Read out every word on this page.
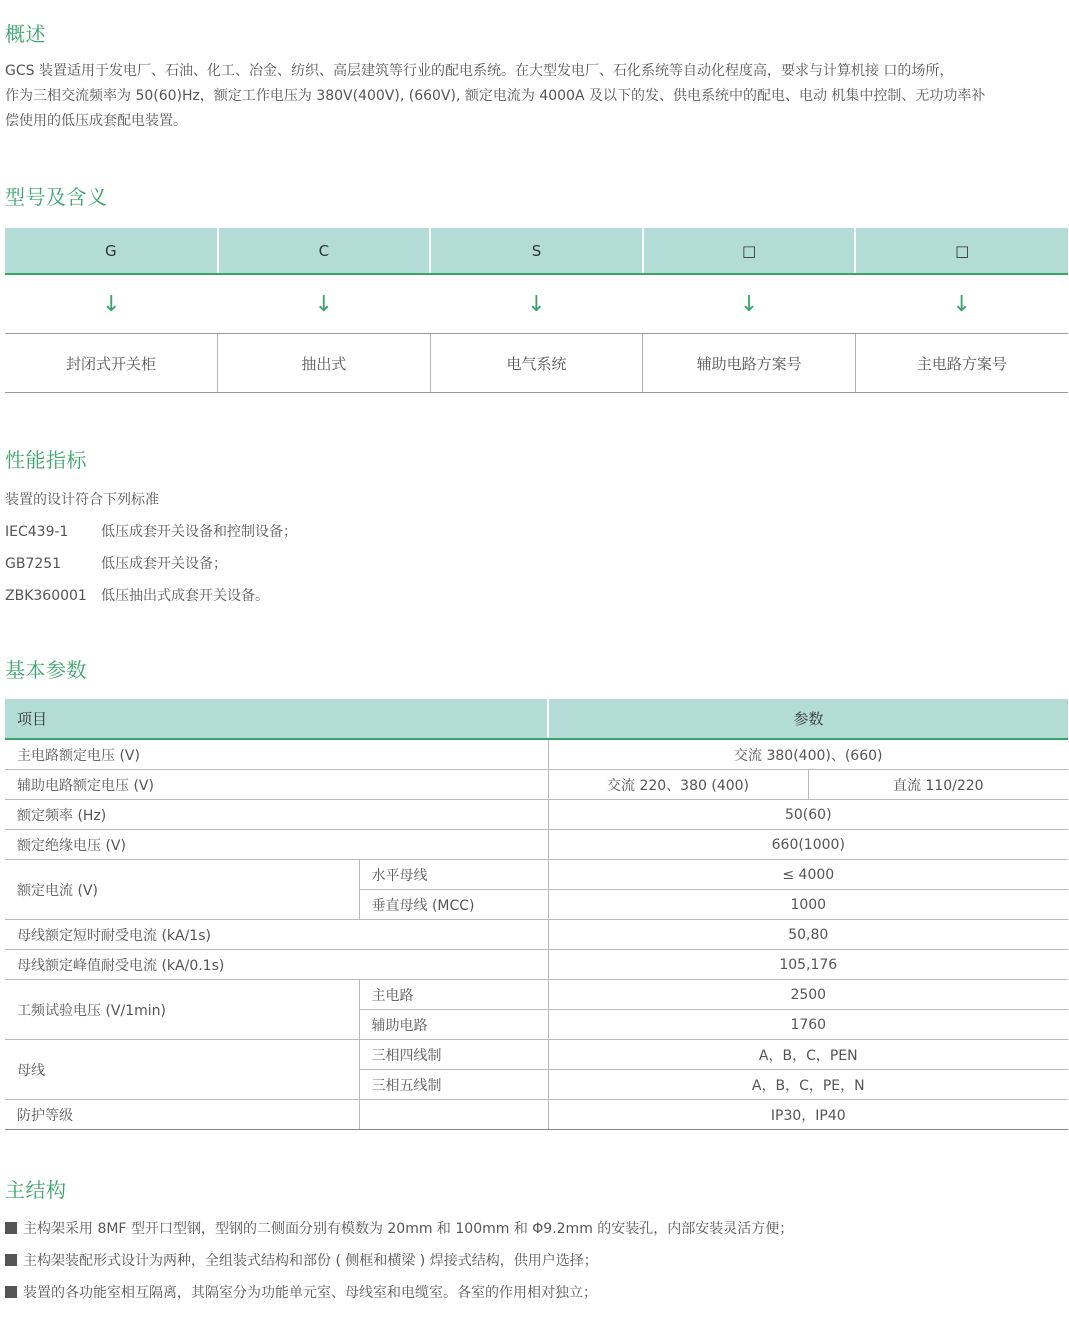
概述
GCS 装置适用于发电厂、石油、化工、冶金、纺织、高层建筑等行业的配电系统。在大型发电厂、石化系统等自动化程度高，要求与计算机接 口的场所，
作为三相交流频率为 50(60)Hz，额定工作电压为 380V(400V), (660V), 额定电流为 4000A 及以下的发、供电系统中的配电、电动 机集中控制、无功功率补
偿使用的低压成套配电装置。
型号及含义
G	C	S	□	□
↓	↓	↓	↓	↓
封闭式开关柜	抽出式	电气系统	辅助电路方案号	主电路方案号
性能指标
装置的设计符合下列标准
IEC439-1 低压成套开关设备和控制设备；
GB7251	低压成套开关设备；
ZBK360001 低压抽出式成套开关设备。
基本参数
项目		参数	
主电路额定电压 (V)		交流 380(400)、(660)	
辅助电路额定电压 (V)		交流 220、380 (400)	直流 110/220
额定频率 (Hz)		50(60)	
额定绝缘电压 (V)		660(1000)	
额定电流 (V)	水平母线	≤ 4000	
	垂直母线 (MCC)	1000	
母线额定短时耐受电流 (kA/1s)		50,80	
母线额定峰值耐受电流 (kA/0.1s)		105,176	
工频试验电压 (V/1min)	主电路	2500	
	辅助电路	1760	
母线	三相四线制	A，B，C，PEN	
	三相五线制	A，B，C，PE，N	
防护等级		IP30，IP40	
主结构
主构架采用 8MF 型开口型钢，型钢的二侧面分别有模数为 20mm 和 100mm 和 Φ9.2mm 的安装孔，内部安装灵活方便；
主构架装配形式设计为两种，全组装式结构和部份 ( 侧框和横梁 ) 焊接式结构，供用户选择；
装置的各功能室相互隔离，其隔室分为功能单元室、母线室和电缆室。各室的作用相对独立；
